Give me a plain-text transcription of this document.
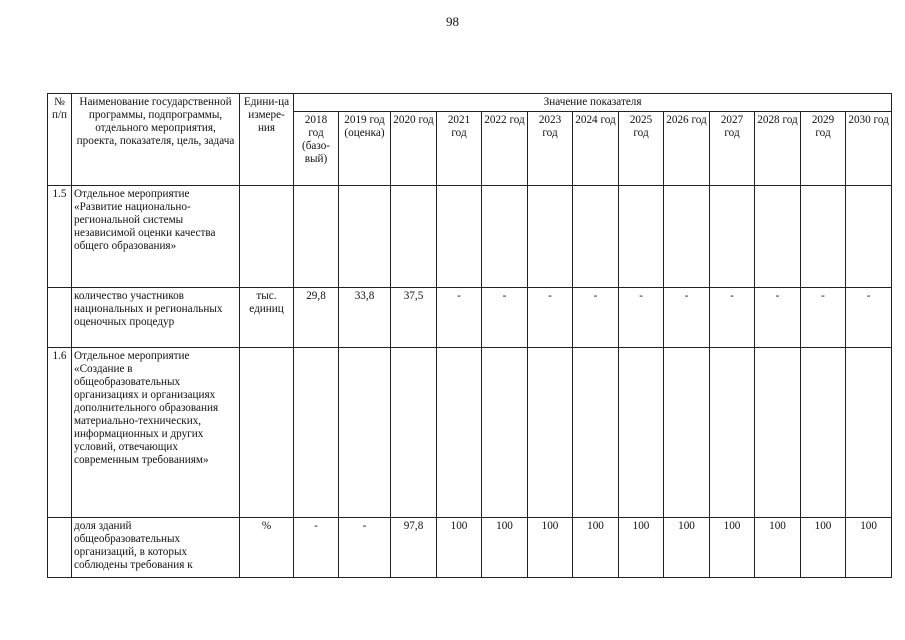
98
№ п/п	Наименование государственной программы, подпрограммы, отдельного мероприятия, проекта, показателя, цель, задача	Едини-ца измере-ния	Значение показателя												
			2018 год (базо-вый)	2019 год (оценка)	2020 год	2021 год	2022 год	2023 год	2024 год	2025 год	2026 год	2027 год	2028 год	2029 год	2030 год
1.5	Отдельное мероприятие «Развитие национально-региональной системы независимой оценки качества общего образования»														
	количество участников национальных и региональных оценочных процедур	тыс. единиц	29,8	33,8	37,5	-	-	-	-	-	-	-	-	-	-
1.6	Отдельное мероприятие «Создание в общеобразовательных организациях и организациях дополнительного образования материально-технических, информационных и других условий, отвечающих современным требованиям»														
	доля зданий общеобразовательных организаций, в которых соблюдены требования к	%	-	-	97,8	100	100	100	100	100	100	100	100	100	100
